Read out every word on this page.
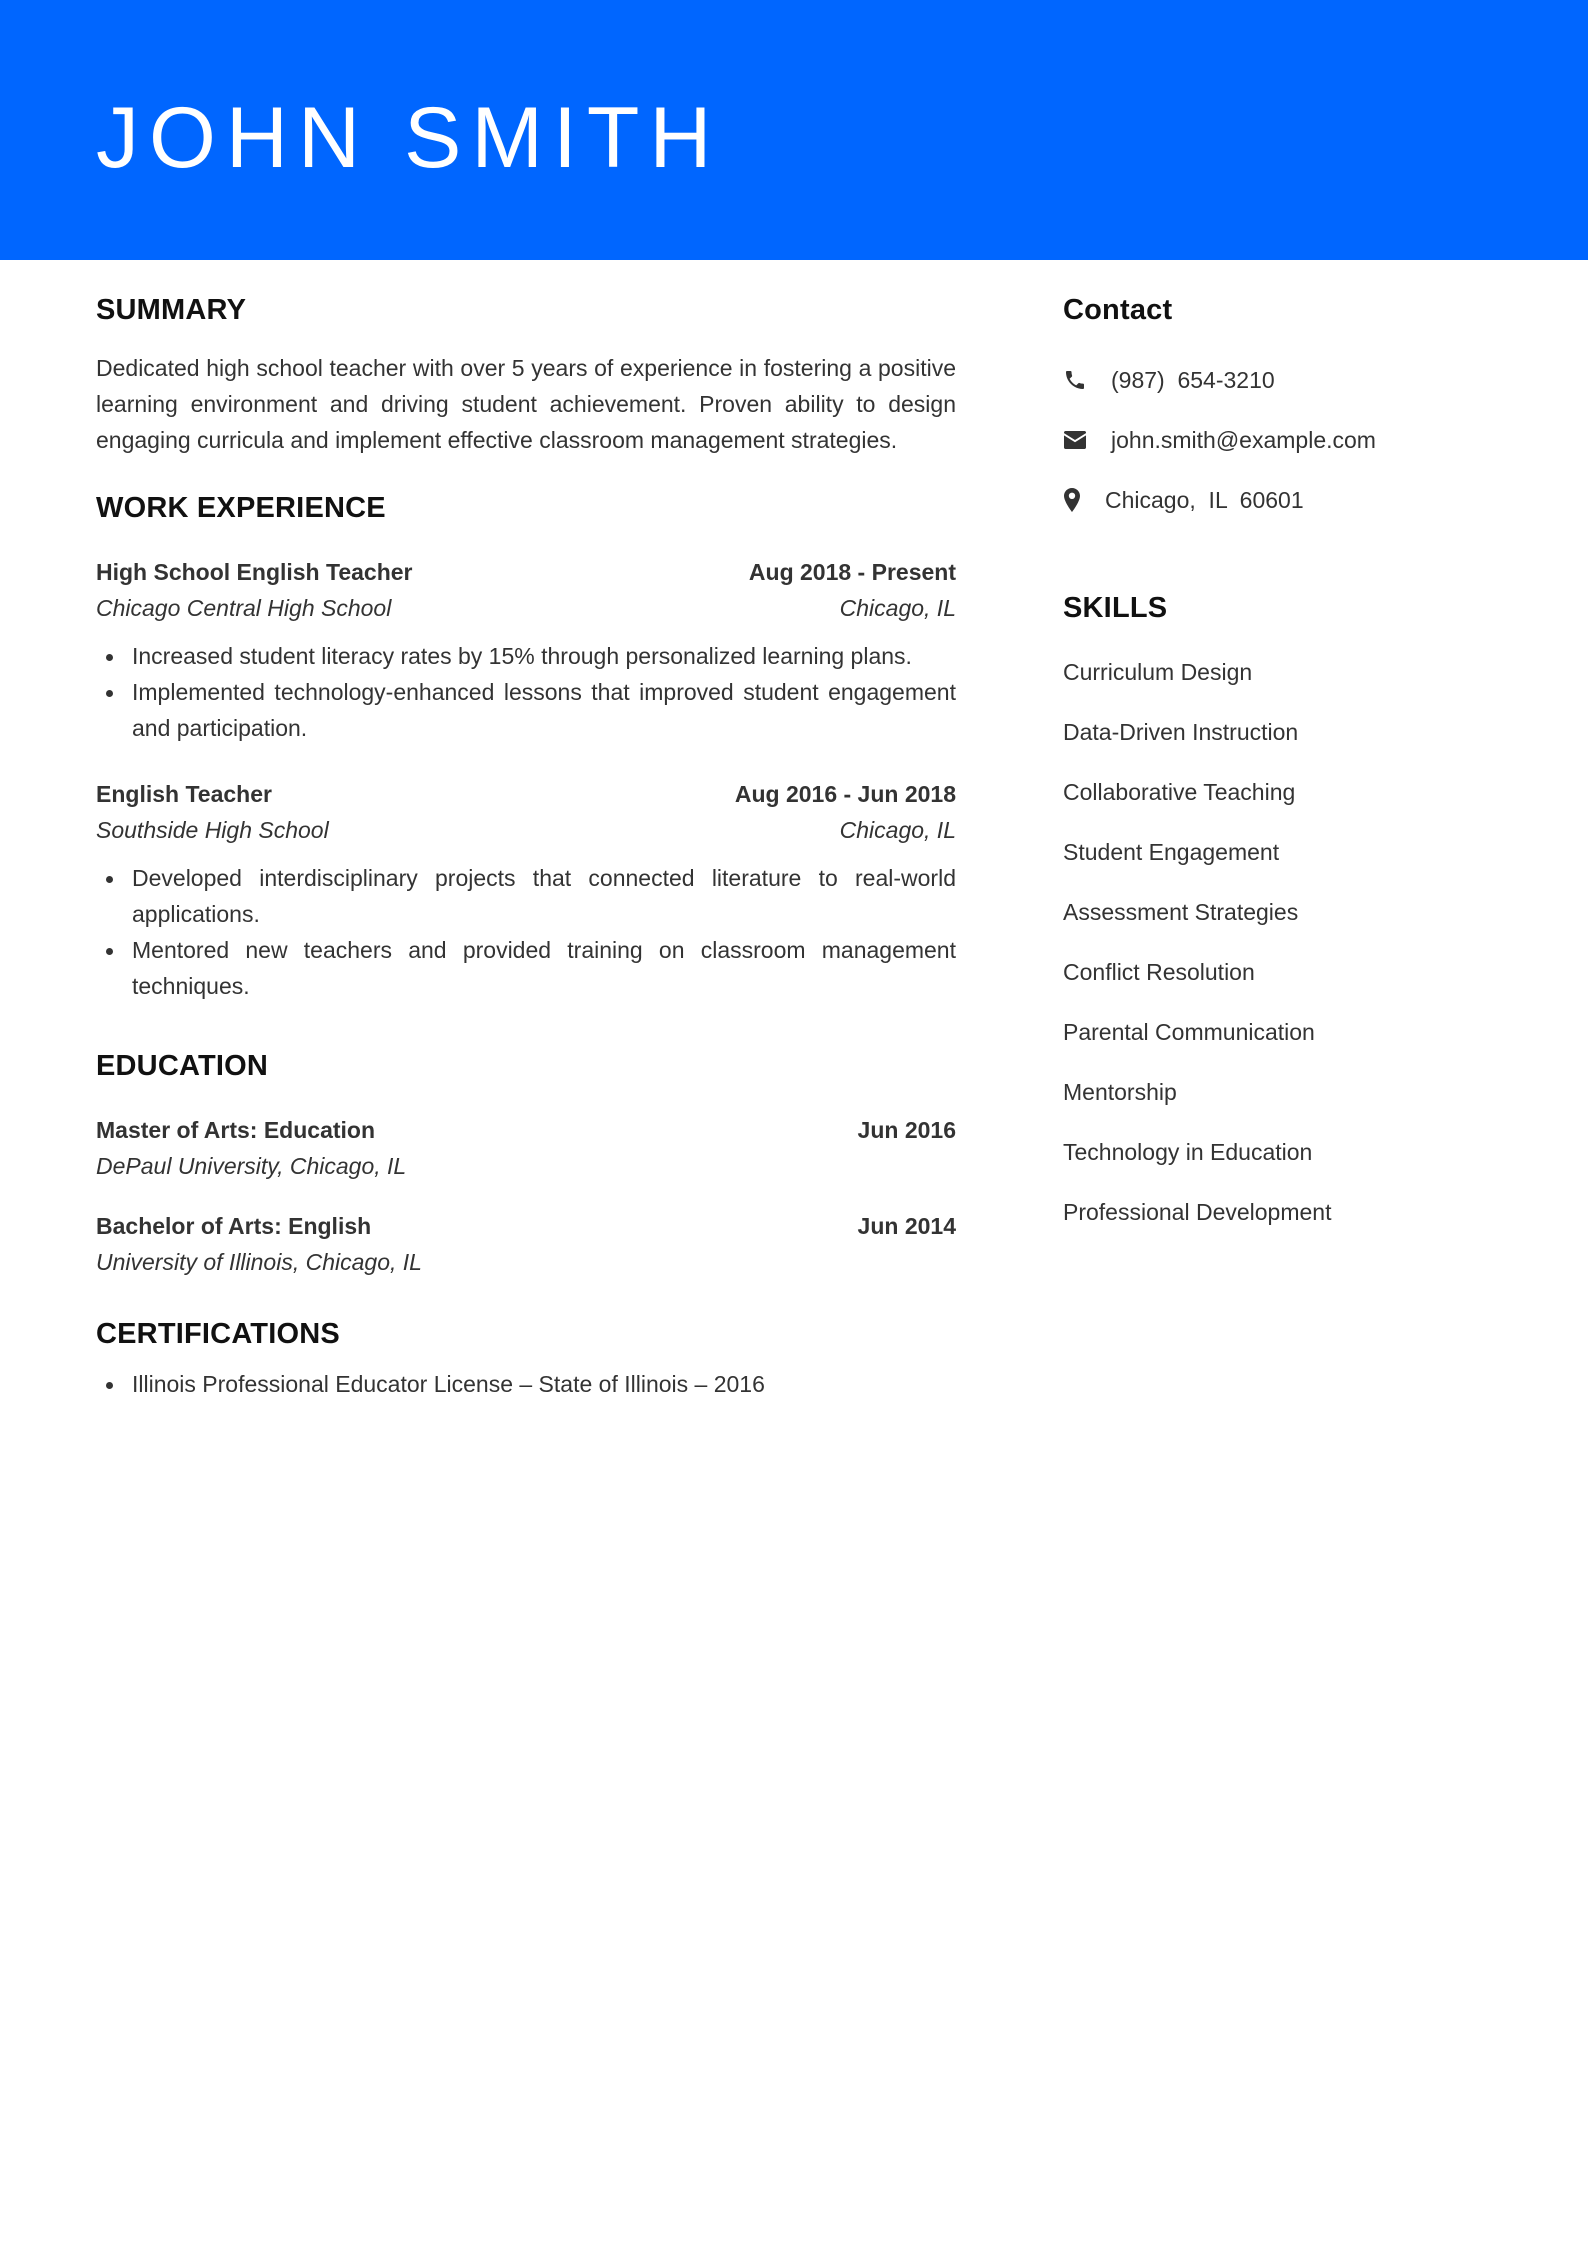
JOHN SMITH
SUMMARY

Dedicated high school teacher with over 5 years of experience in fostering a positive learning environment and driving student achievement. Proven ability to design engaging curricula and implement effective classroom management strategies.

WORK EXPERIENCE
High School English Teacher	Aug 2018 - Present
Chicago Central High School	Chicago, IL
Increased student literacy rates by 15% through personalized learning plans.
Implemented technology-enhanced lessons that improved student engagement and participation.
English Teacher	Aug 2016 - Jun 2018
Southside High School	Chicago, IL
Developed interdisciplinary projects that connected literature to real-world applications.
Mentored new teachers and provided training on classroom management techniques.
EDUCATION
Master of Arts: Education	Jun 2016
DePaul University, Chicago, IL
Bachelor of Arts: English	Jun 2014
University of Illinois, Chicago, IL
CERTIFICATIONS
Illinois Professional Educator License – State of Illinois – 2016
Contact
(987)  654-3210
john.smith@example.com
Chicago,  IL  60601
SKILLS
Curriculum Design
Data-Driven Instruction
Collaborative Teaching
Student Engagement
Assessment Strategies
Conflict Resolution
Parental Communication
Mentorship
Technology in Education
Professional Development
